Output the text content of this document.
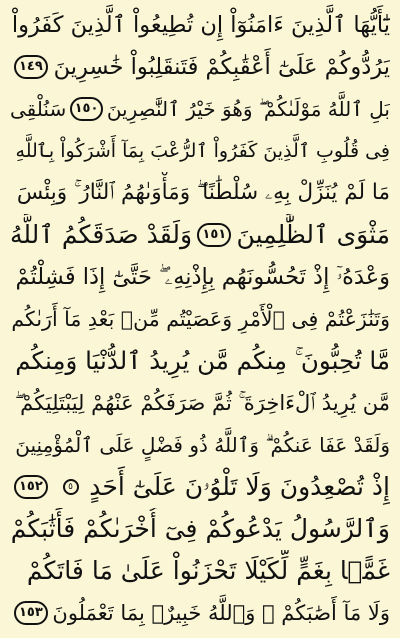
يَٰٓأَيُّهَا ٱلَّذِينَ ءَامَنُوٓاْ إِن تُطِيعُواْ ٱلَّذِينَ كَفَرُواْ
يَرُدُّوكُمْ عَلَىٰٓ أَعْقَٰبِكُمْ فَتَنقَلِبُواْ خَٰسِرِينَ
١٤٩
بَلِ ٱللَّهُ مَوْلَىٰكُمْ ۖ وَهُوَ خَيْرُ ٱلنَّٰصِرِينَ
١٥٠
سَنُلْقِى
فِى قُلُوبِ ٱلَّذِينَ كَفَرُواْ ٱلرُّعْبَ بِمَآ أَشْرَكُواْ بِٱللَّهِ
مَا لَمْ يُنَزِّلْ بِهِۦ سُلْطَٰنًا ۖ وَمَأْوَىٰهُمُ ٱلنَّارُ ۚ وَبِئْسَ
مَثْوَى ٱلظَّٰلِمِينَ
١٥١
وَلَقَدْ صَدَقَكُمُ ٱللَّهُ
وَعْدَهُۥٓ إِذْ تَحُسُّونَهُم بِإِذْنِهِۦ ۖ حَتَّىٰٓ إِذَا فَشِلْتُمْ
وَتَنَٰزَعْتُمْ فِى ٱلْأَمْرِ وَعَصَيْتُم مِّنۢ بَعْدِ مَآ أَرَىٰكُم
مَّا تُحِبُّونَ ۚ مِنكُم مَّن يُرِيدُ ٱلدُّنْيَا وَمِنكُم
مَّن يُرِيدُ ٱلْءَاخِرَةَ ۚ ثُمَّ صَرَفَكُمْ عَنْهُمْ لِيَبْتَلِيَكُمْ ۖ
وَلَقَدْ عَفَا عَنكُمْ ۗ وَٱللَّهُ ذُو فَضْلٍ عَلَى ٱلْمُؤْمِنِينَ
إِذْ تُصْعِدُونَ وَلَا تَلْوُۥنَ عَلَىٰٓ أَحَدٍ
٥
١٥٢
وَٱلرَّسُولُ يَدْعُوكُمْ فِىٓ أُخْرَىٰكُمْ فَأَثَٰبَكُمْ
غَمًّۢا بِغَمٍّ لِّكَيْلَا تَحْزَنُواْ عَلَىٰ مَا فَاتَكُمْ
وَلَا مَآ أَصَٰبَكُمْ ۗ وَٱللَّهُ خَبِيرٌۢ بِمَا تَعْمَلُونَ
١٥٣
